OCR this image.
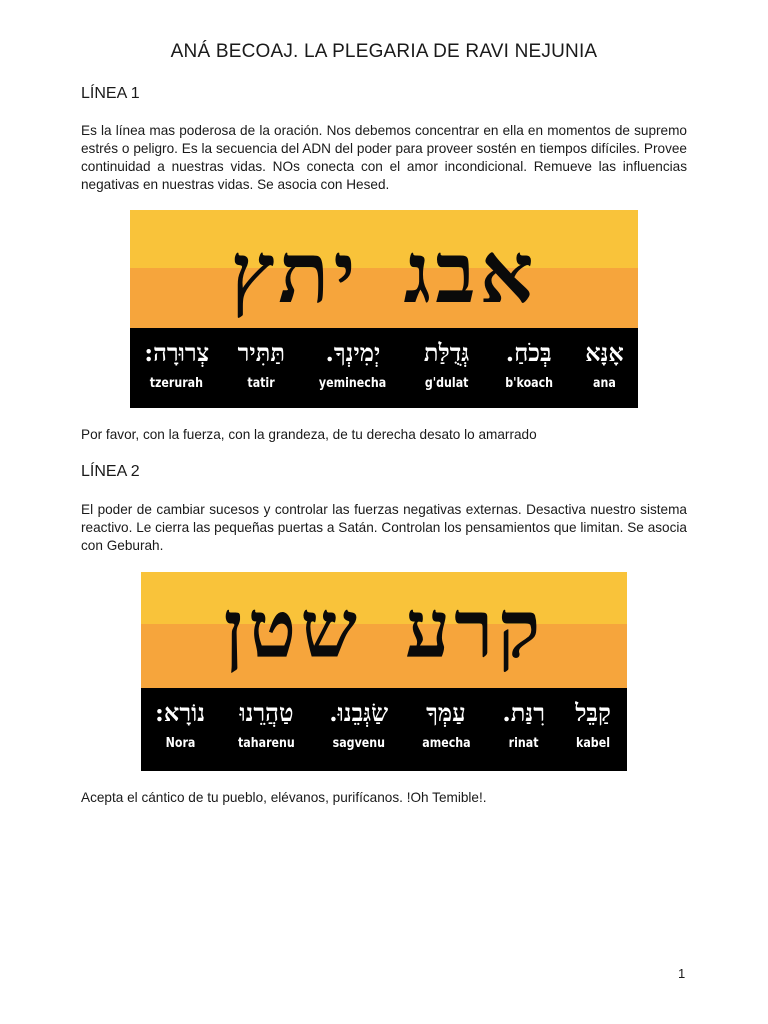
ANÁ BECOAJ. LA PLEGARIA DE RAVI NEJUNIA
LÍNEA 1
Es la línea mas poderosa de la oración. Nos debemos concentrar en ella en momentos de supremo estrés o peligro. Es la secuencia del ADN del poder para proveer sostén en tiempos difíciles. Provee continuidad a nuestras vidas. NOs conecta con el amor incondicional. Remueve las influencias negativas en nuestras vidas. Se asocia con Hesed.
אבג
יתץ
אָנָּא
ana
בְּכֹחַ.
b'koach
גְּדֻלַּת
g'dulat
יְמִינְךָ.
yeminecha
תַּתִּיר
tatir
צְרוּרָה:
tzerurah
Por favor, con la fuerza, con la grandeza, de tu derecha desato lo amarrado
LÍNEA 2
El poder de cambiar sucesos y controlar las fuerzas negativas externas. Desactiva nuestro sistema reactivo. Le cierra las pequeñas puertas a Satán. Controlan los pensamientos que limitan. Se asocia con Geburah.
קרע
שטן
קַבֵּל
kabel
רִנַּת.
rinat
עַמְּךָ
amecha
שַׂגְּבֵנוּ.
sagvenu
טַהֲרֵנוּ
taharenu
נוֹרָא:
Nora
Acepta el cántico de tu pueblo, elévanos, purifícanos. !Oh Temible!.
1
